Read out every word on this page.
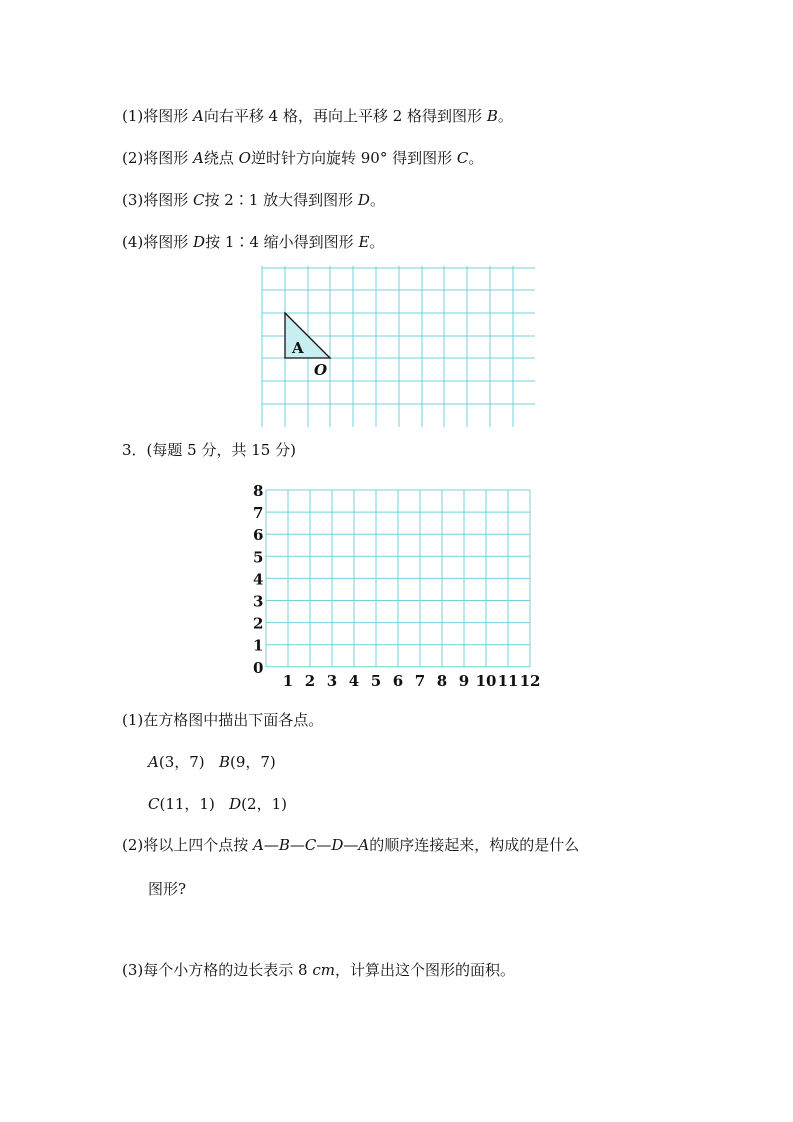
(1)将图形 A向右平移 4 格，再向上平移 2 格得到图形 B。
(2)将图形 A绕点 O逆时针方向旋转 90° 得到图形 C。
(3)将图形 C按 2∶1 放大得到图形 D。
(4)将图形 D按 1∶4 缩小得到图形 E。
A
O
3．(每题 5 分，共 15 分)
8
7
6
5
4
3
2
1
0
1 2 3 4 5 6 7 8 9 10 11 12
(1)在方格图中描出下面各点。
A(3，7) B(9，7)
C(11，1) D(2，1)
(2)将以上四个点按 A—B—C—D—A的顺序连接起来，构成的是什么
图形?
(3)每个小方格的边长表示 8 cm，计算出这个图形的面积。
